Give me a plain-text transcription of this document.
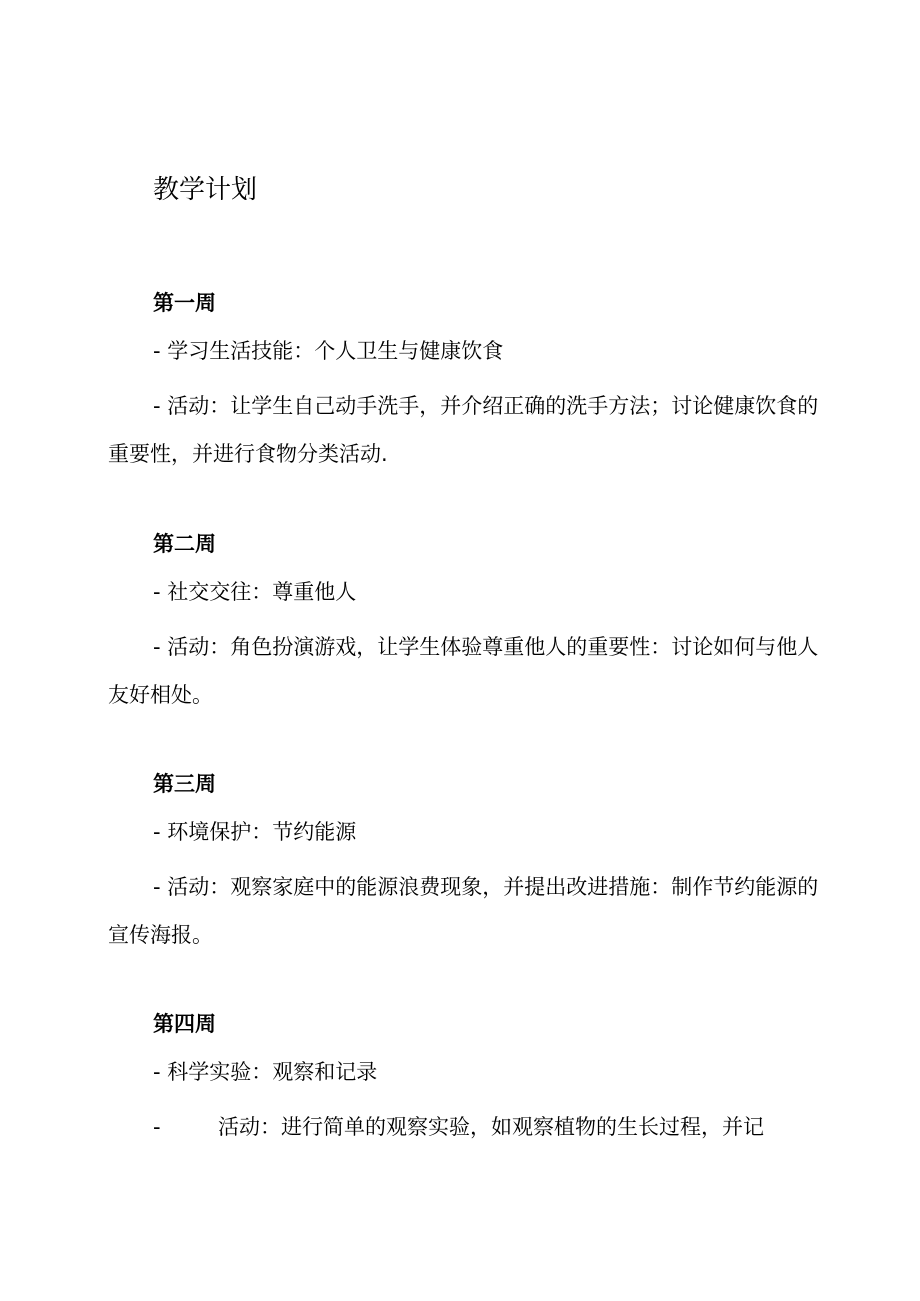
教学计划
第一周
- 学习生活技能：个人卫生与健康饮食

- 活动：让学生自己动手洗手，并介绍正确的洗手方法；讨论健康饮食的重要性，并进行食物分类活动.

第二周
- 社交交往：尊重他人

- 活动：角色扮演游戏，让学生体验尊重他人的重要性：讨论如何与他人友好相处。

第三周
- 环境保护：节约能源

- 活动：观察家庭中的能源浪费现象，并提出改进措施：制作节约能源的宣传海报。

第四周
- 科学实验：观察和记录
-	活动：进行简单的观察实验，如观察植物的生长过程，并记
